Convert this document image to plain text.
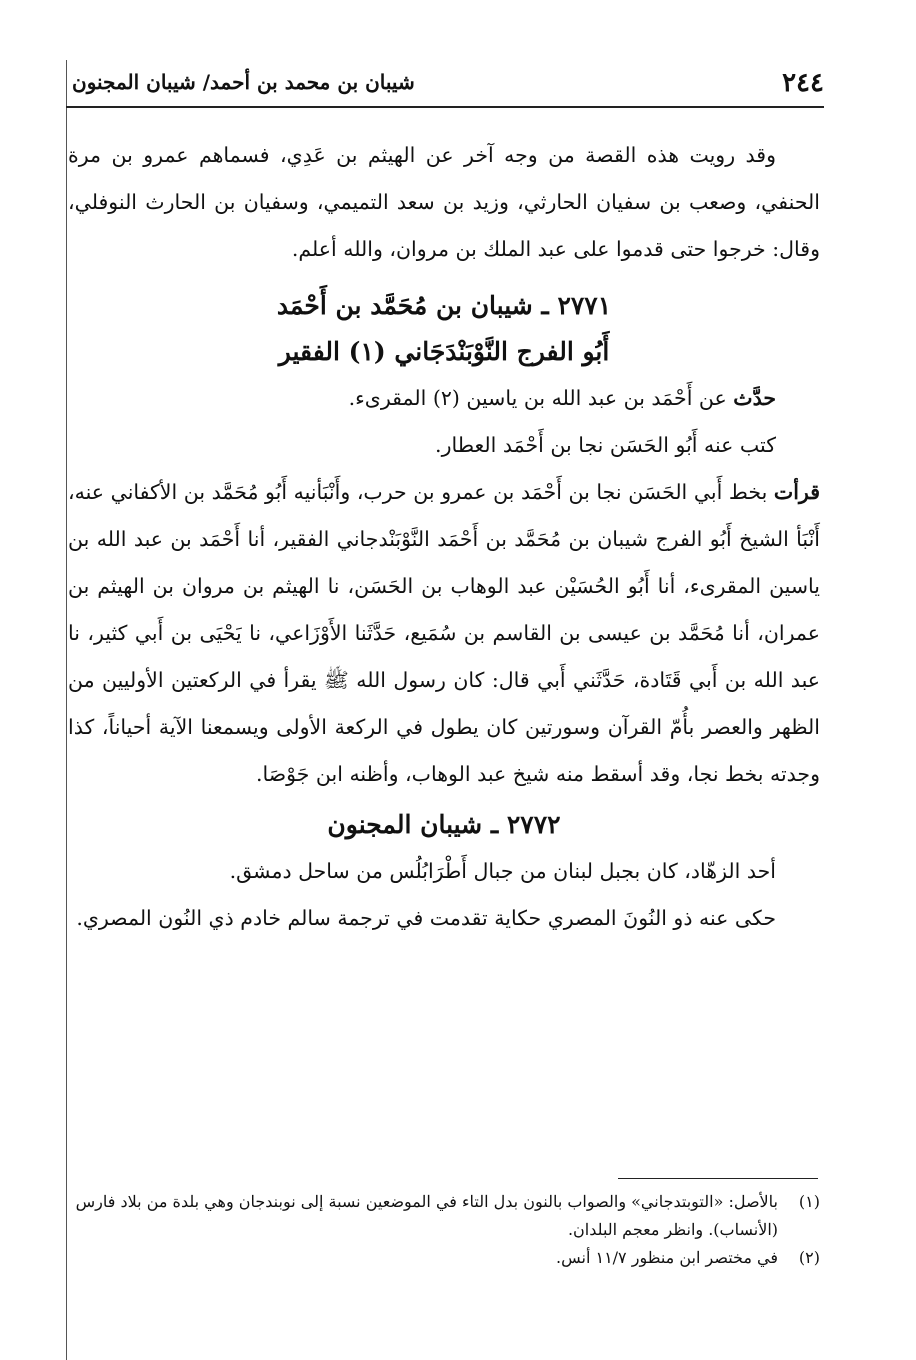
٢٤٤
شيبان بن محمد بن أحمد/ شيبان المجنون

وقد رويت هذه القصة من وجه آخر عن الهيثم بن عَدِي، فسماهم عمرو بن مرة الحنفي، وصعب بن سفيان الحارثي، وزيد بن سعد التميمي، وسفيان بن الحارث النوفلي، وقال: خرجوا حتى قدموا على عبد الملك بن مروان، والله أعلم.

٢٧٧١ ـ شيبان بن مُحَمَّد بن أَحْمَد
أَبُو الفرج النَّوْبَنْدَجَاني (١) الفقير

حدَّث عن أَحْمَد بن عبد الله بن ياسين (٢) المقرىء.

كتب عنه أَبُو الحَسَن نجا بن أَحْمَد العطار.

قرأت بخط أَبي الحَسَن نجا بن أَحْمَد بن عمرو بن حرب، وأَنْبَأنيه أَبُو مُحَمَّد بن الأكفاني عنه، أَنْبَأ الشيخ أَبُو الفرج شيبان بن مُحَمَّد بن أَحْمَد النَّوْبَنْدجاني الفقير، أنا أَحْمَد بن عبد الله بن ياسين المقرىء، أنا أَبُو الحُسَيْن عبد الوهاب بن الحَسَن، نا الهيثم بن مروان بن الهيثم بن عمران، أنا مُحَمَّد بن عيسى بن القاسم بن سُمَيع، حَدَّثَنا الأَوْزَاعي، نا يَحْيَى بن أَبي كثير، نا عبد الله بن أَبي قَتَادة، حَدَّثَني أَبي قال: كان رسول الله ﷺ يقرأ في الركعتين الأوليين من الظهر والعصر بأُمّ القرآن وسورتين كان يطول في الركعة الأولى ويسمعنا الآية أحياناً، كذا وجدته بخط نجا، وقد أسقط منه شيخ عبد الوهاب، وأظنه ابن جَوْصَا.

٢٧٧٢ ـ شيبان المجنون

أحد الزهّاد، كان بجبل لبنان من جبال أَطْرَابُلُس من ساحل دمشق.

حكى عنه ذو النُونَ المصري حكاية تقدمت في ترجمة سالم خادم ذي النُون المصري.

(١)
بالأصل: «التوبتدجاني» والصواب بالنون بدل التاء في الموضعين نسبة إلى نوبندجان وهي بلدة من بلاد فارس (الأنساب). وانظر معجم البلدان.
(٢)
في مختصر ابن منظور ١١/٧ أنس.
